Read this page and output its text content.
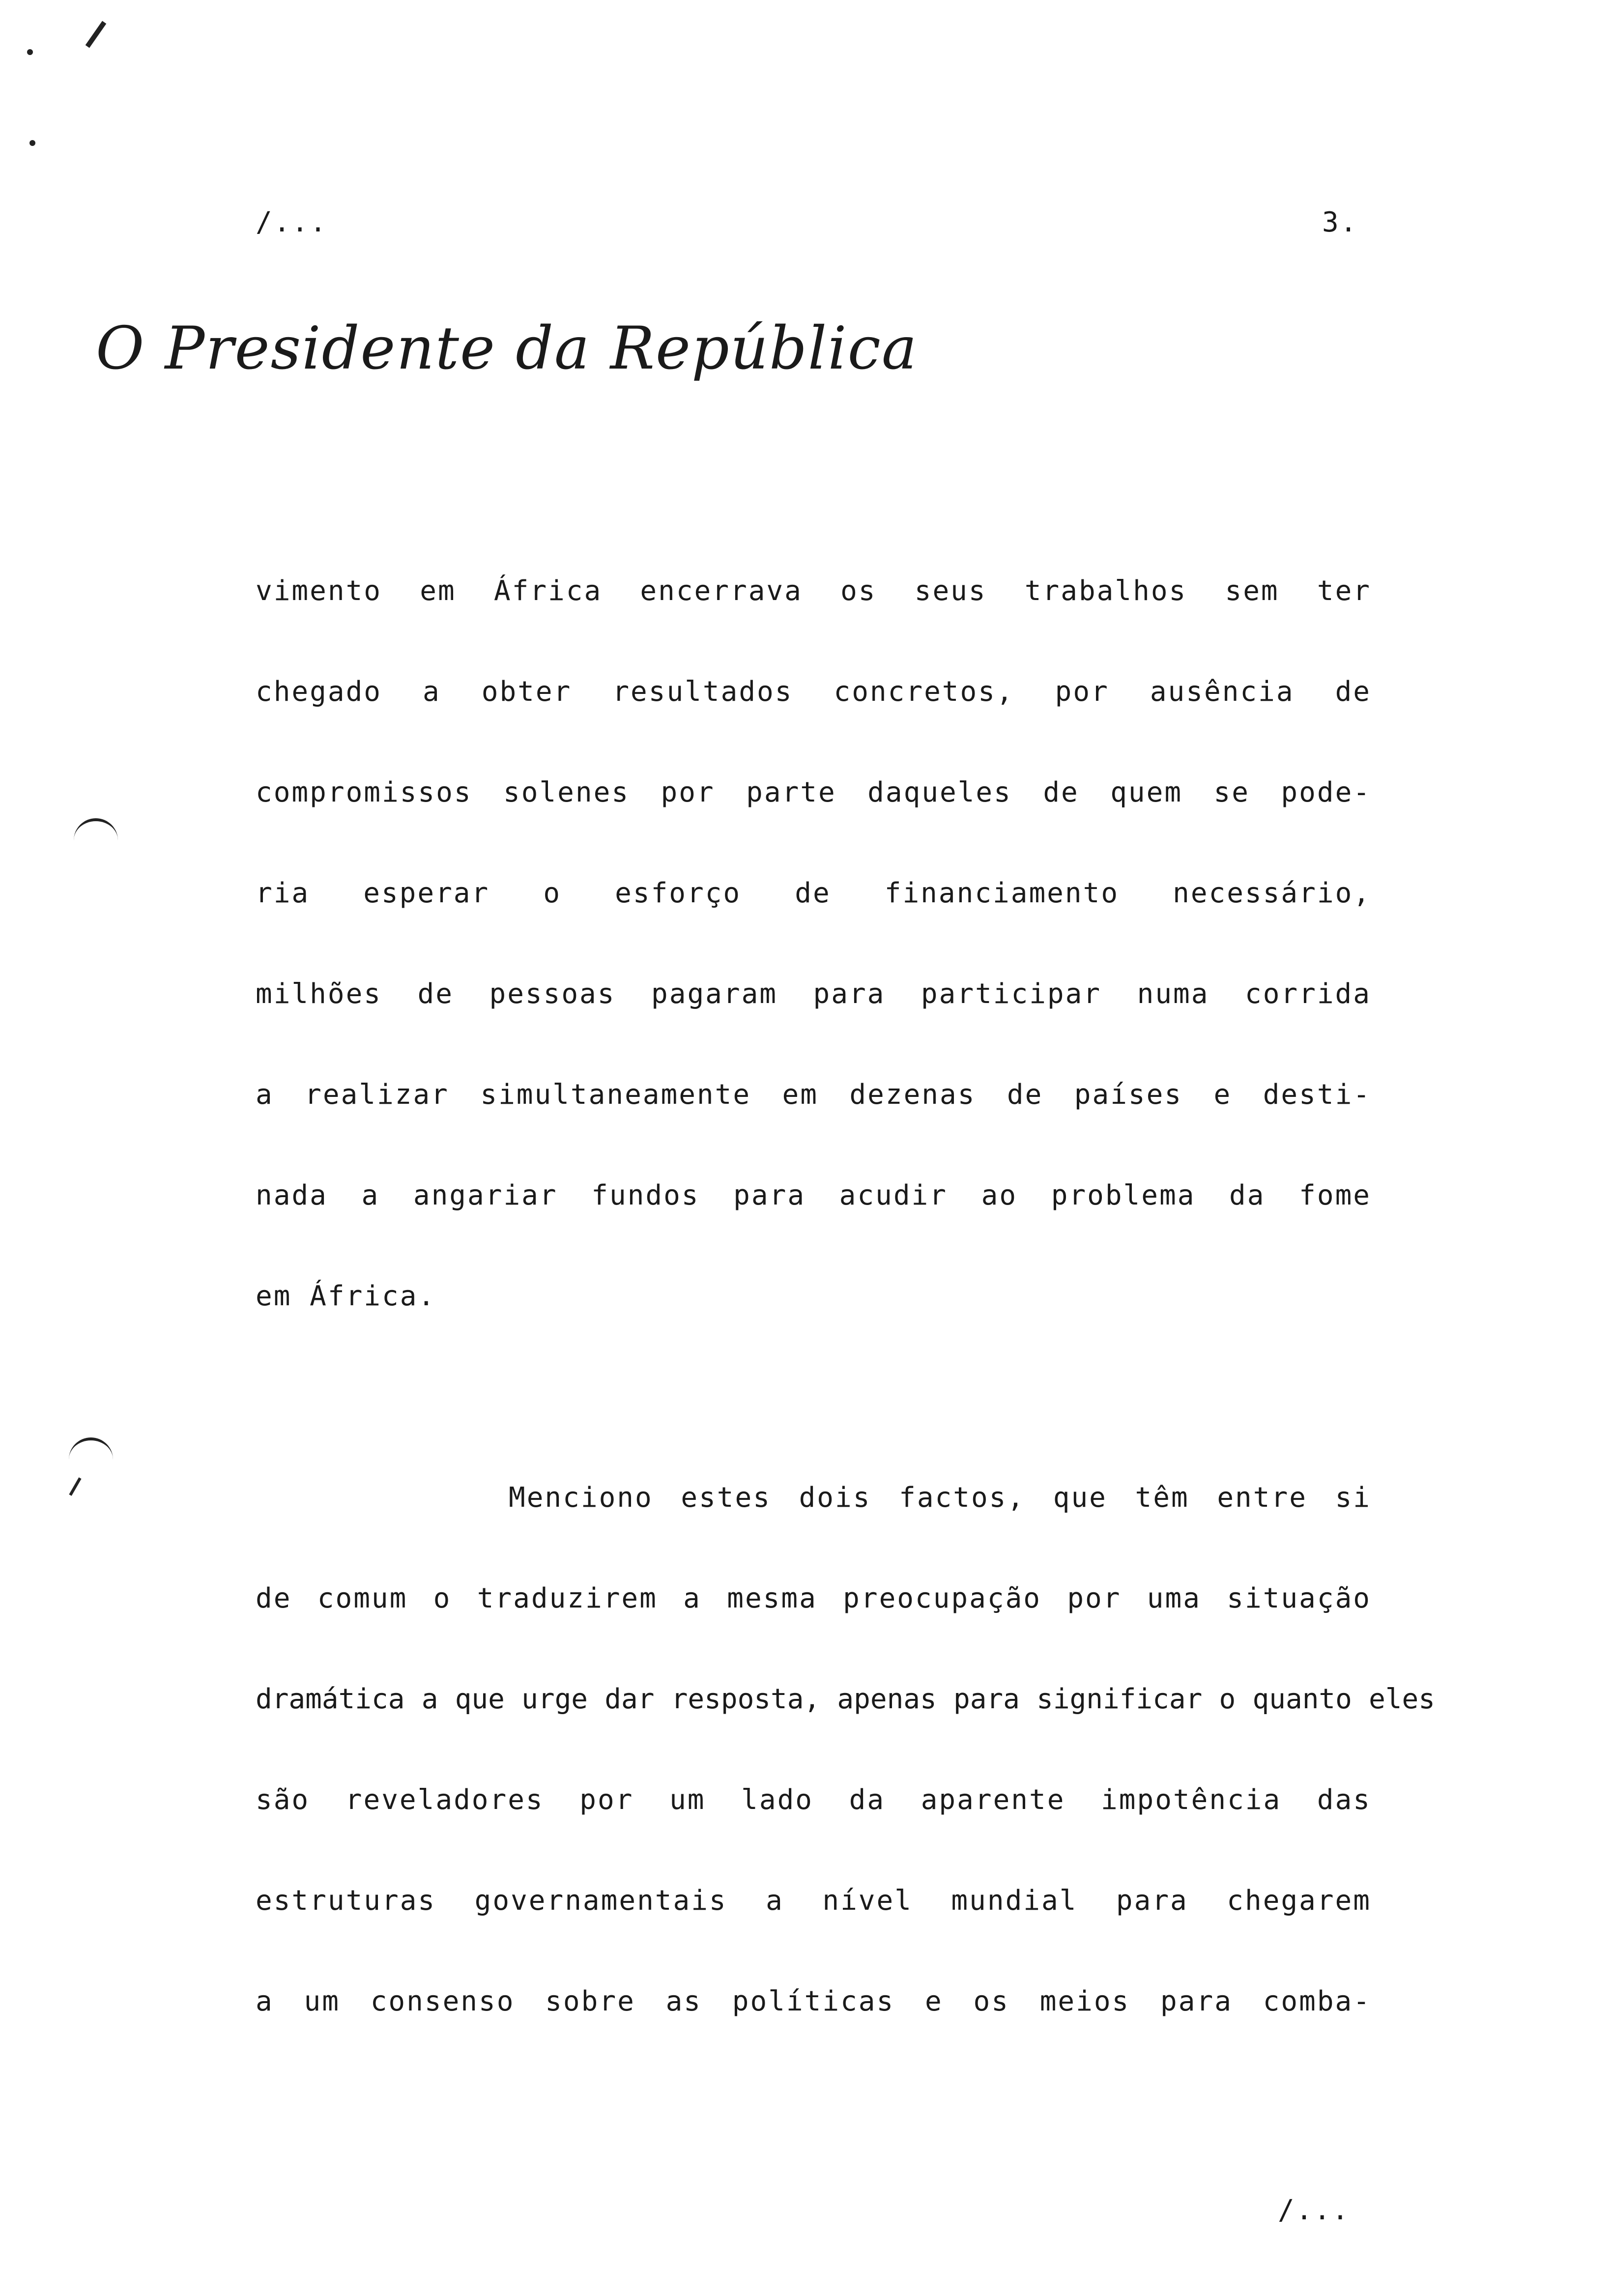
/...	3.
O Presidente da República
vimento em África encerrava os seus trabalhos sem ter
chegado a obter resultados concretos, por ausência de
compromissos solenes por parte daqueles de quem se pode-
ria esperar o esforço de financiamento necessário,
milhões de pessoas pagaram para participar numa corrida
a realizar simultaneamente em dezenas de países e desti-
nada a angariar fundos para acudir ao problema da fome
em África.
Menciono estes dois factos, que têm entre si
de comum o traduzirem a mesma preocupação por uma situação
dramática a que urge dar resposta, apenas para significar o quanto eles
são reveladores por um lado da aparente impotência das
estruturas governamentais a nível mundial para chegarem
a um consenso sobre as políticas e os meios para comba-
/...
